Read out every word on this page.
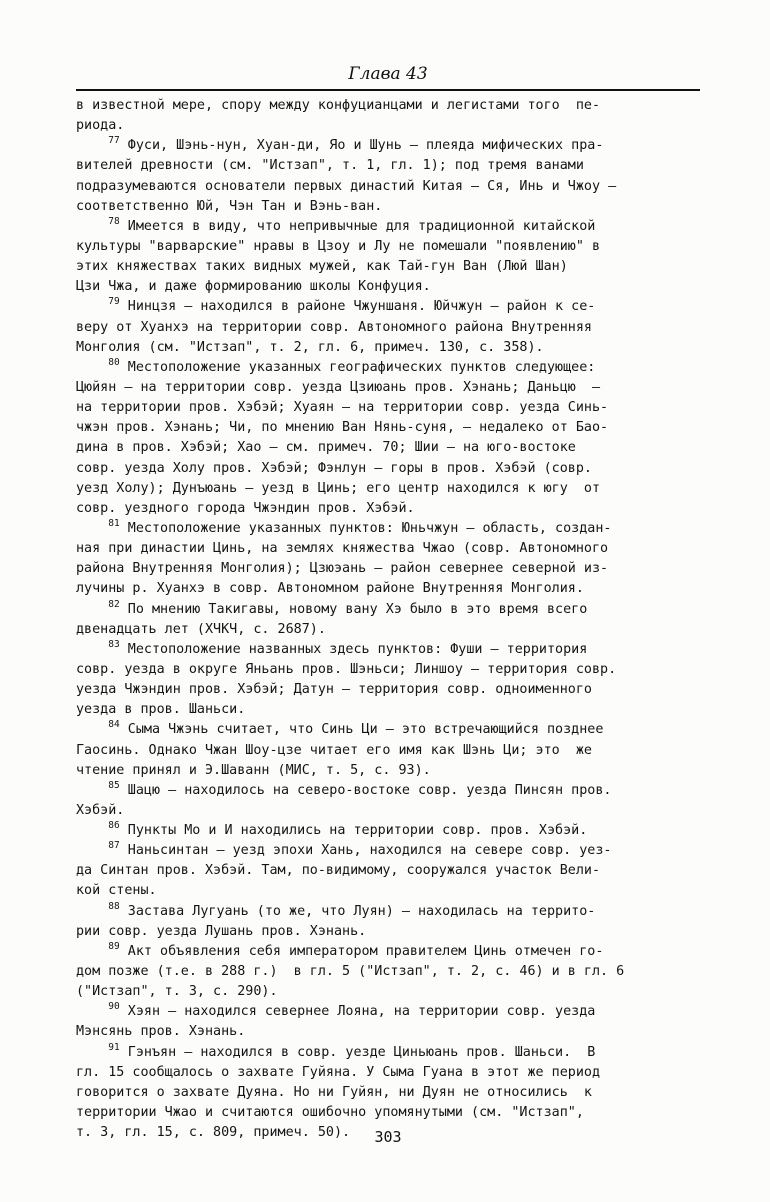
Глава 43
в известной мере, спору между конфуцианцами и легистами того  пе-
риода.
$^{77}$ Фуси, Шэнь-нун, Хуан-ди, Яо и Шунь — плеяда мифических пра-
вителей древности (см. "Истзап", т. 1, гл. 1); под тремя ванами
подразумеваются основатели первых династий Китая — Ся, Инь и Чжоу —
соответственно Юй, Чэн Тан и Вэнь-ван.
$^{78}$ Имеется в виду, что непривычные для традиционной китайской
культуры "варварские" нравы в Цзоу и Лу не помешали "появлению" в
этих княжествах таких видных мужей, как Тай-гун Ван (Люй Шан)
Цзи Чжа, и даже формированию школы Конфуция.
$^{79}$ Нинцзя — находился в районе Чжуншаня. Юйчжун — район к се-
веру от Хуанхэ на территории совр. Автономного района Внутренняя
Монголия (см. "Истзап", т. 2, гл. 6, примеч. 130, с. 358).
$^{80}$ Местоположение указанных географических пунктов следующее:
Цюйян — на территории совр. уезда Цзиюань пров. Хэнань; Даньцю  —
на территории пров. Хэбэй; Хуаян — на территории совр. уезда Синь-
чжэн пров. Хэнань; Чи, по мнению Ван Нянь-суня, — недалеко от Бао-
дина в пров. Хэбэй; Хао — см. примеч. 70; Шии — на юго-востоке
совр. уезда Холу пров. Хэбэй; Фэнлун — горы в пров. Хэбэй (совр.
уезд Холу); Дунъюань — уезд в Цинь; его центр находился к югу  от
совр. уездного города Чжэндин пров. Хэбэй.
$^{81}$ Местоположение указанных пунктов: Юньчжун — область, создан-
ная при династии Цинь, на землях княжества Чжао (совр. Автономного
района Внутренняя Монголия); Цзюэань — район севернее северной из-
лучины р. Хуанхэ в совр. Автономном районе Внутренняя Монголия.
$^{82}$ По мнению Такигавы, новому вану Хэ было в это время всего
двенадцать лет (ХЧКЧ, с. 2687).
$^{83}$ Местоположение названных здесь пунктов: Фуши — территория
совр. уезда в округе Яньань пров. Шэньси; Линшоу — территория совр.
уезда Чжэндин пров. Хэбэй; Датун — территория совр. одноименного
уезда в пров. Шаньси.
$^{84}$ Сыма Чжэнь считает, что Синь Ци — это встречающийся позднее
Гаосинь. Однако Чжан Шоу-цзе читает его имя как Шэнь Ци; это  же
чтение принял и Э.Шаванн (МИС, т. 5, с. 93).
$^{85}$ Шацю — находилось на северо-востоке совр. уезда Пинсян пров.
Хэбэй.
$^{86}$ Пункты Мо и И находились на территории совр. пров. Хэбэй.
$^{87}$ Наньсинтан — уезд эпохи Хань, находился на севере совр. уез-
да Синтан пров. Хэбэй. Там, по-видимому, сооружался участок Вели-
кой стены.
$^{88}$ Застава Лугуань (то же, что Луян) — находилась на террито-
рии совр. уезда Лушань пров. Хэнань.
$^{89}$ Акт объявления себя императором правителем Цинь отмечен го-
дом позже (т.е. в 288 г.)  в гл. 5 ("Истзап", т. 2, с. 46) и в гл. 6
("Истзап", т. 3, с. 290).
$^{90}$ Хэян — находился севернее Лояна, на территории совр. уезда
Мэнсянь пров. Хэнань.
$^{91}$ Гэнъян — находился в совр. уезде Циньюань пров. Шаньси.  В
гл. 15 сообщалось о захвате Гуйяна. У Сыма Гуана в этот же период
говорится о захвате Дуяна. Но ни Гуйян, ни Дуян не относились  к
территории Чжао и считаются ошибочно упомянутыми (см. "Истзап",
т. 3, гл. 15, с. 809, примеч. 50).	303
